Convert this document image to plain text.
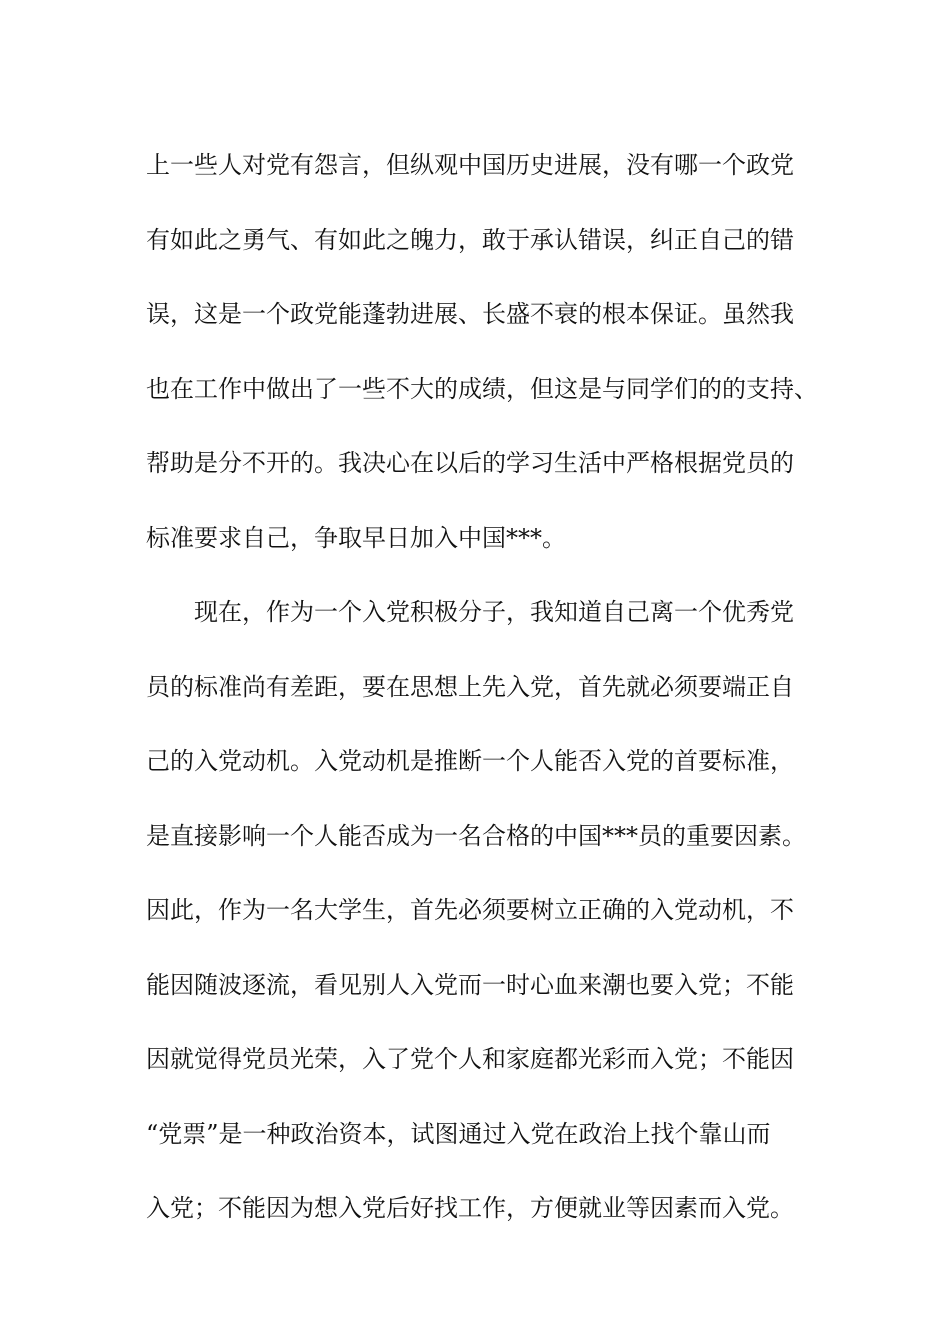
上一些人对党有怨言，但纵观中国历史进展，没有哪一个政党
有如此之勇气、有如此之魄力，敢于承认错误，纠正自己的错
误，这是一个政党能蓬勃进展、长盛不衰的根本保证。虽然我
也在工作中做出了一些不大的成绩，但这是与同学们的的支持、
帮助是分不开的。我决心在以后的学习生活中严格根据党员的
标准要求自己，争取早日加入中国***。
现在，作为一个入党积极分子，我知道自己离一个优秀党
员的标准尚有差距，要在思想上先入党，首先就必须要端正自
己的入党动机。入党动机是推断一个人能否入党的首要标准，
是直接影响一个人能否成为一名合格的中国***员的重要因素。
因此，作为一名大学生，首先必须要树立正确的入党动机，不
能因随波逐流，看见别人入党而一时心血来潮也要入党；不能
因就觉得党员光荣，入了党个人和家庭都光彩而入党；不能因
“党票”是一种政治资本，试图通过入党在政治上找个靠山而
入党；不能因为想入党后好找工作，方便就业等因素而入党。
